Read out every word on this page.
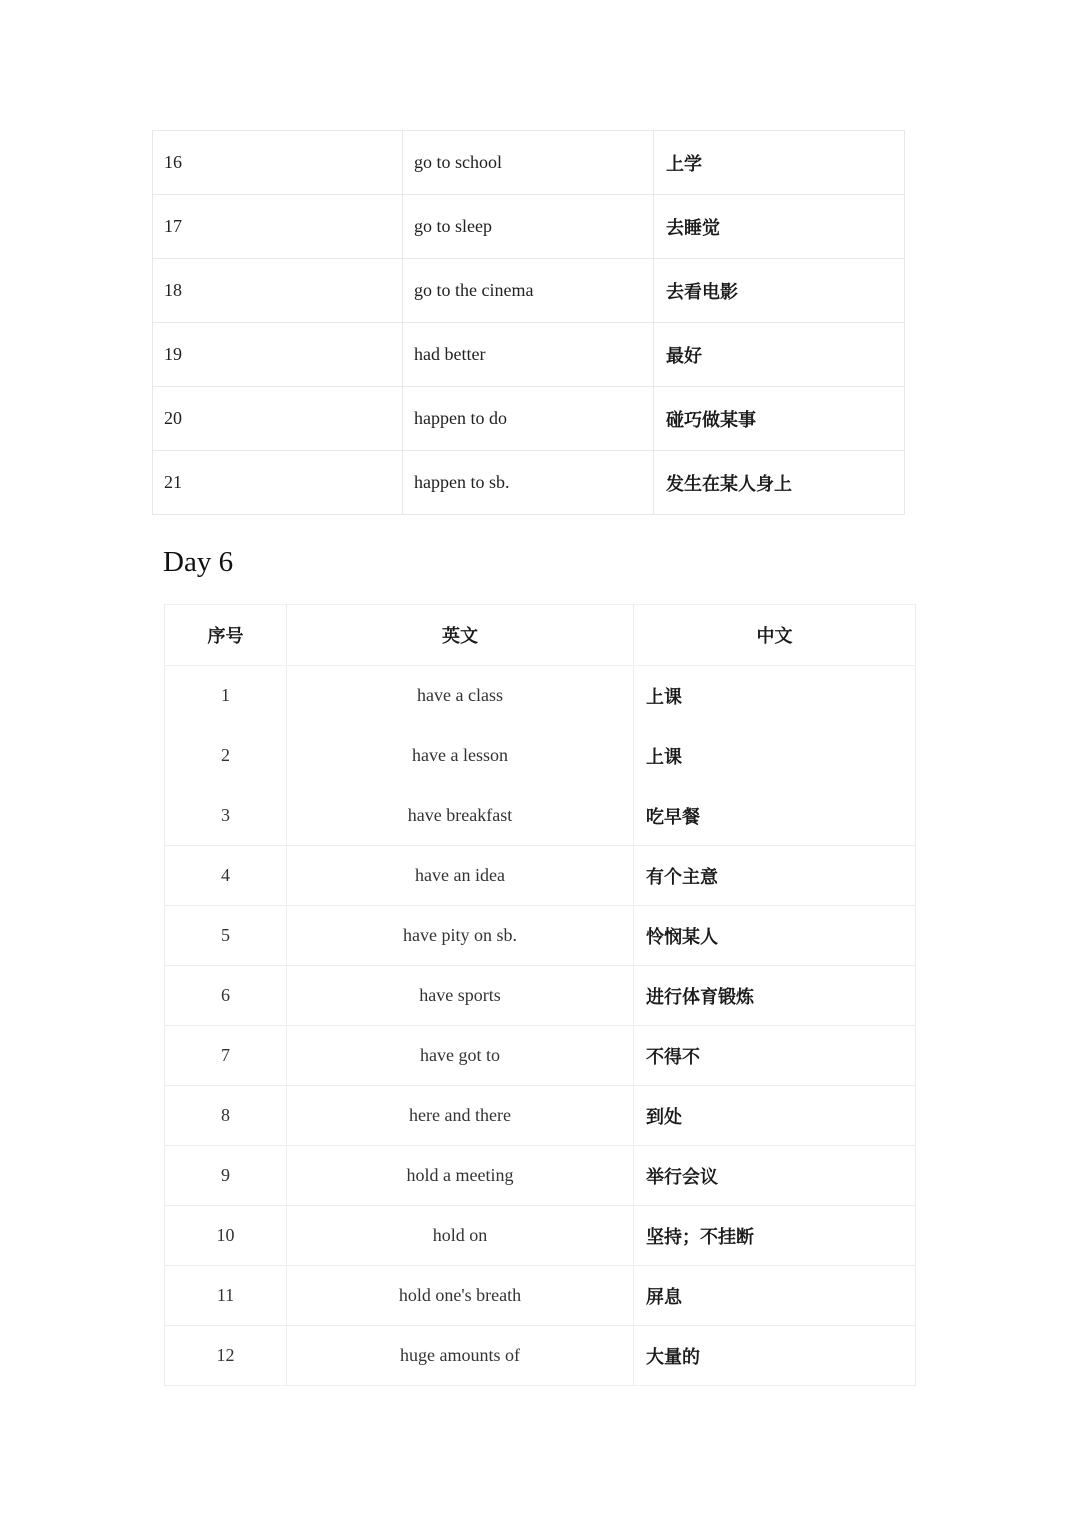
16	go to school	上学
17	go to sleep	去睡觉
18	go to the cinema	去看电影
19	had better	最好
20	happen to do	碰巧做某事
21	happen to sb.	发生在某人身上
Day 6
序号	英文	中文
1	have a class	上课
2	have a lesson	上课
3	have breakfast	吃早餐
4	have an idea	有个主意
5	have pity on sb.	怜悯某人
6	have sports	进行体育锻炼
7	have got to	不得不
8	here and there	到处
9	hold a meeting	举行会议
10	hold on	坚持；不挂断
11	hold one's breath	屏息
12	huge amounts of	大量的
